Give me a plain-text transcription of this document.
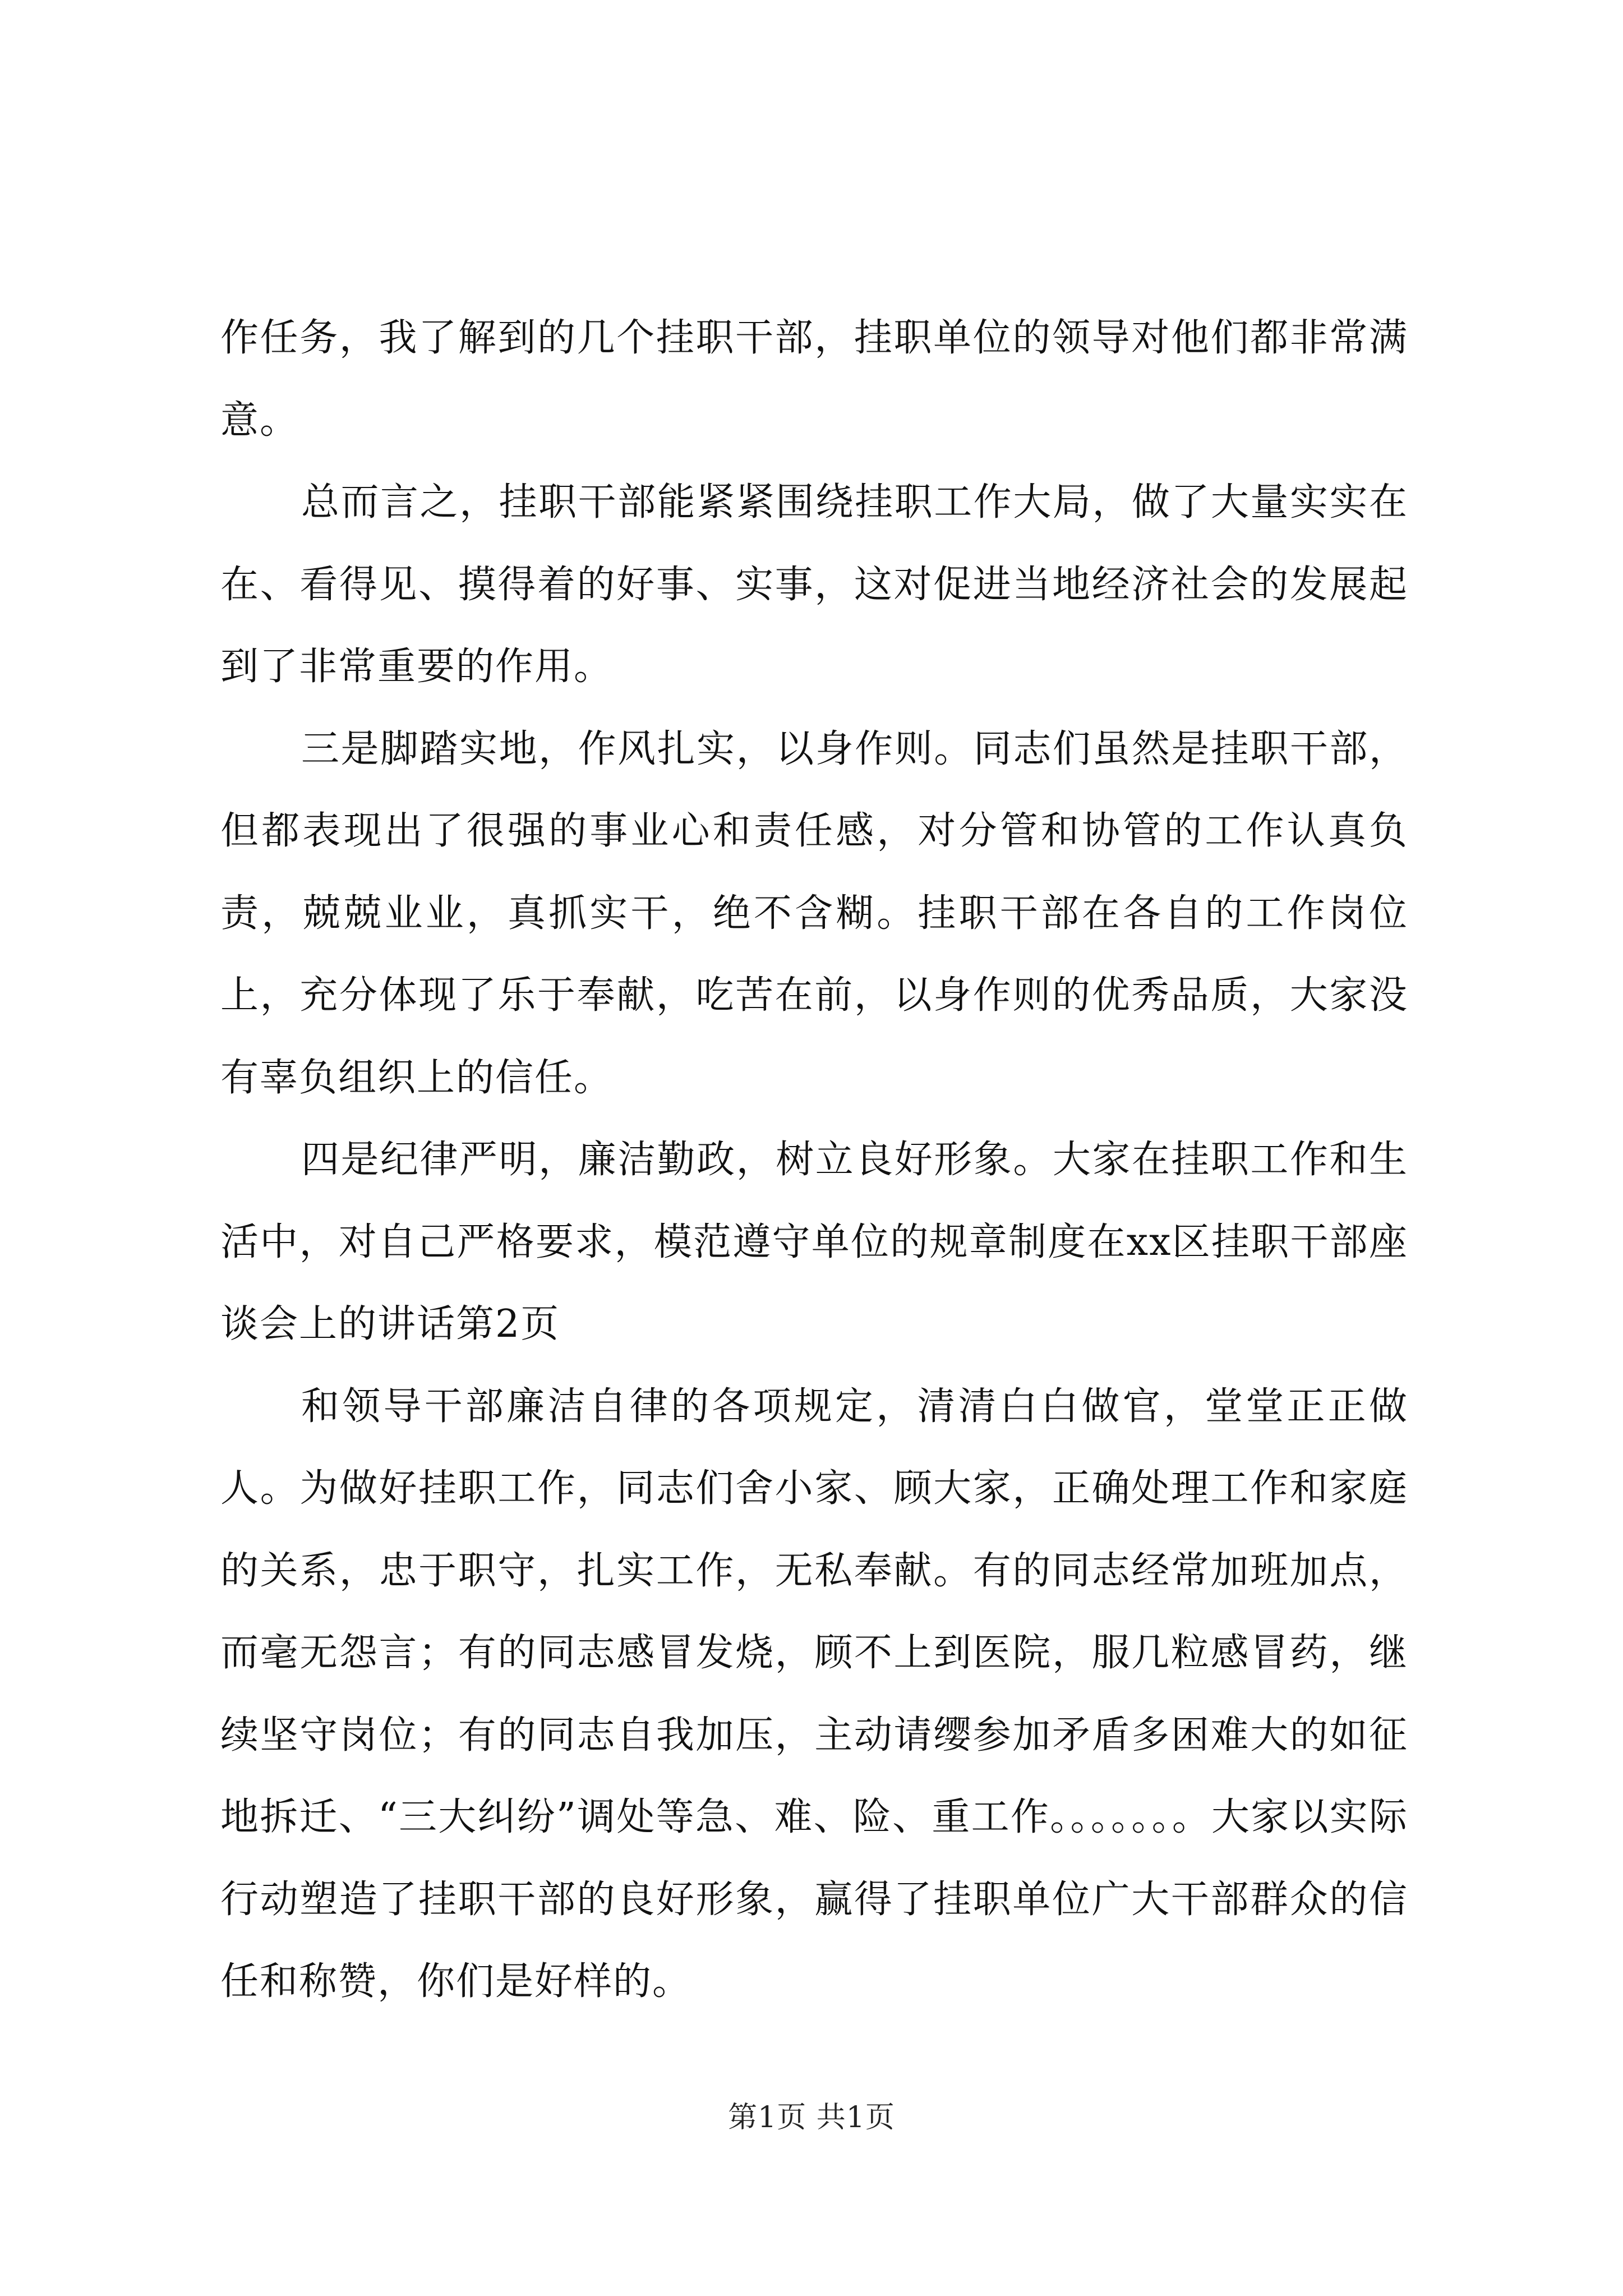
作任务，我了解到的几个挂职干部，挂职单位的领导对他们都非常满意。

总而言之，挂职干部能紧紧围绕挂职工作大局，做了大量实实在在、看得见、摸得着的好事、实事，这对促进当地经济社会的发展起到了非常重要的作用。

三是脚踏实地，作风扎实，以身作则。同志们虽然是挂职干部，但都表现出了很强的事业心和责任感，对分管和协管的工作认真负责，兢兢业业，真抓实干，绝不含糊。挂职干部在各自的工作岗位上，充分体现了乐于奉献，吃苦在前，以身作则的优秀品质，大家没有辜负组织上的信任。

四是纪律严明，廉洁勤政，树立良好形象。大家在挂职工作和生活中，对自己严格要求，模范遵守单位的规章制度在xx区挂职干部座谈会上的讲话第2页

和领导干部廉洁自律的各项规定，清清白白做官，堂堂正正做人。为做好挂职工作，同志们舍小家、顾大家，正确处理工作和家庭的关系，忠于职守，扎实工作，无私奉献。有的同志经常加班加点，而毫无怨言；有的同志感冒发烧，顾不上到医院，服几粒感冒药，继续坚守岗位；有的同志自我加压，主动请缨参加矛盾多困难大的如征地拆迁、“三大纠纷”调处等急、难、险、重工作。。。。。。。大家以实际行动塑造了挂职干部的良好形象，赢得了挂职单位广大干部群众的信任和称赞，你们是好样的。

第1页 共1页
